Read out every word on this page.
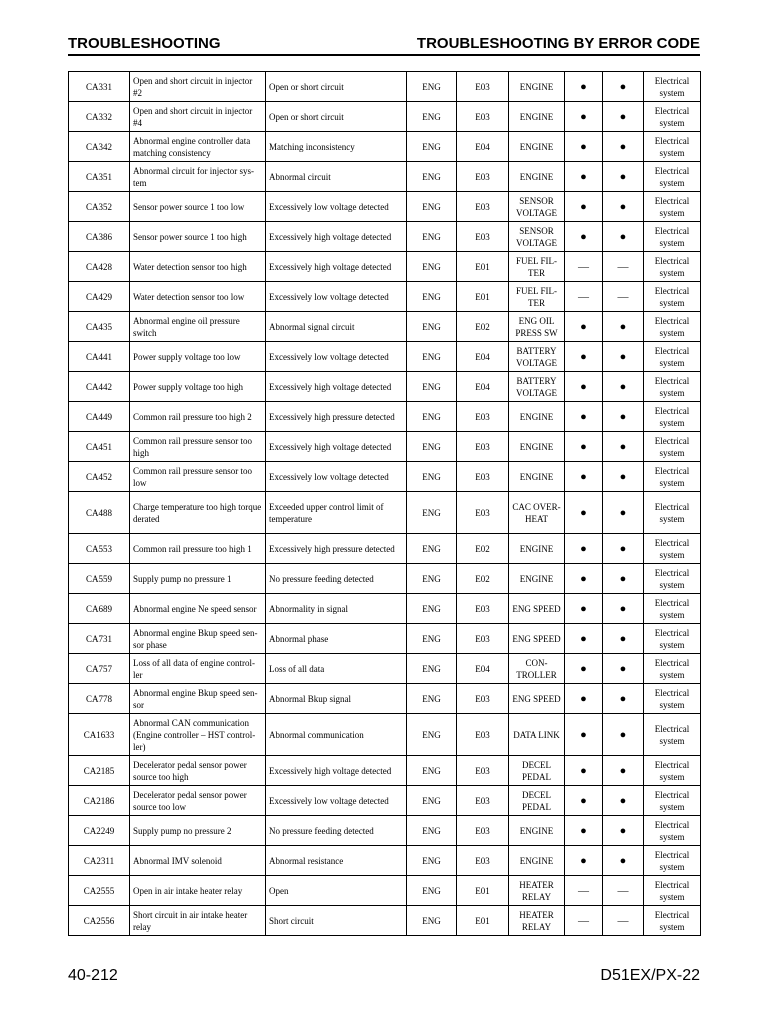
TROUBLESHOOTING	TROUBLESHOOTING BY ERROR CODE
CA331	Open and short circuit in injector #2	Open or short circuit	ENG	E03	ENGINE	●	●	Electrical system
CA332	Open and short circuit in injector #4	Open or short circuit	ENG	E03	ENGINE	●	●	Electrical system
CA342	Abnormal engine controller data matching consistency	Matching inconsistency	ENG	E04	ENGINE	●	●	Electrical system
CA351	Abnormal circuit for injector sys- tem	Abnormal circuit	ENG	E03	ENGINE	●	●	Electrical system
CA352	Sensor power source 1 too low	Excessively low voltage detected	ENG	E03	SENSOR VOLTAGE	●	●	Electrical system
CA386	Sensor power source 1 too high	Excessively high voltage detected	ENG	E03	SENSOR VOLTAGE	●	●	Electrical system
CA428	Water detection sensor too high	Excessively high voltage detected	ENG	E01	FUEL FIL- TER	—	—	Electrical system
CA429	Water detection sensor too low	Excessively low voltage detected	ENG	E01	FUEL FIL- TER	—	—	Electrical system
CA435	Abnormal engine oil pressure switch	Abnormal signal circuit	ENG	E02	ENG OIL PRESS SW	●	●	Electrical system
CA441	Power supply voltage too low	Excessively low voltage detected	ENG	E04	BATTERY VOLTAGE	●	●	Electrical system
CA442	Power supply voltage too high	Excessively high voltage detected	ENG	E04	BATTERY VOLTAGE	●	●	Electrical system
CA449	Common rail pressure too high 2	Excessively high pressure detected	ENG	E03	ENGINE	●	●	Electrical system
CA451	Common rail pressure sensor too high	Excessively high voltage detected	ENG	E03	ENGINE	●	●	Electrical system
CA452	Common rail pressure sensor too low	Excessively low voltage detected	ENG	E03	ENGINE	●	●	Electrical system
CA488	Charge temperature too high torque derated	Exceeded upper control limit of temperature	ENG	E03	CAC OVER- HEAT	●	●	Electrical system
CA553	Common rail pressure too high 1	Excessively high pressure detected	ENG	E02	ENGINE	●	●	Electrical system
CA559	Supply pump no pressure 1	No pressure feeding detected	ENG	E02	ENGINE	●	●	Electrical system
CA689	Abnormal engine Ne speed sensor	Abnormality in signal	ENG	E03	ENG SPEED	●	●	Electrical system
CA731	Abnormal engine Bkup speed sen- sor phase	Abnormal phase	ENG	E03	ENG SPEED	●	●	Electrical system
CA757	Loss of all data of engine control- ler	Loss of all data	ENG	E04	CON- TROLLER	●	●	Electrical system
CA778	Abnormal engine Bkup speed sen- sor	Abnormal Bkup signal	ENG	E03	ENG SPEED	●	●	Electrical system
CA1633	Abnormal CAN communication (Engine controller – HST control- ler)	Abnormal communication	ENG	E03	DATA LINK	●	●	Electrical system
CA2185	Decelerator pedal sensor power source too high	Excessively high voltage detected	ENG	E03	DECEL PEDAL	●	●	Electrical system
CA2186	Decelerator pedal sensor power source too low	Excessively low voltage detected	ENG	E03	DECEL PEDAL	●	●	Electrical system
CA2249	Supply pump no pressure 2	No pressure feeding detected	ENG	E03	ENGINE	●	●	Electrical system
CA2311	Abnormal IMV solenoid	Abnormal resistance	ENG	E03	ENGINE	●	●	Electrical system
CA2555	Open in air intake heater relay	Open	ENG	E01	HEATER RELAY	—	—	Electrical system
CA2556	Short circuit in air intake heater relay	Short circuit	ENG	E01	HEATER RELAY	—	—	Electrical system
40-212	D51EX/PX-22
